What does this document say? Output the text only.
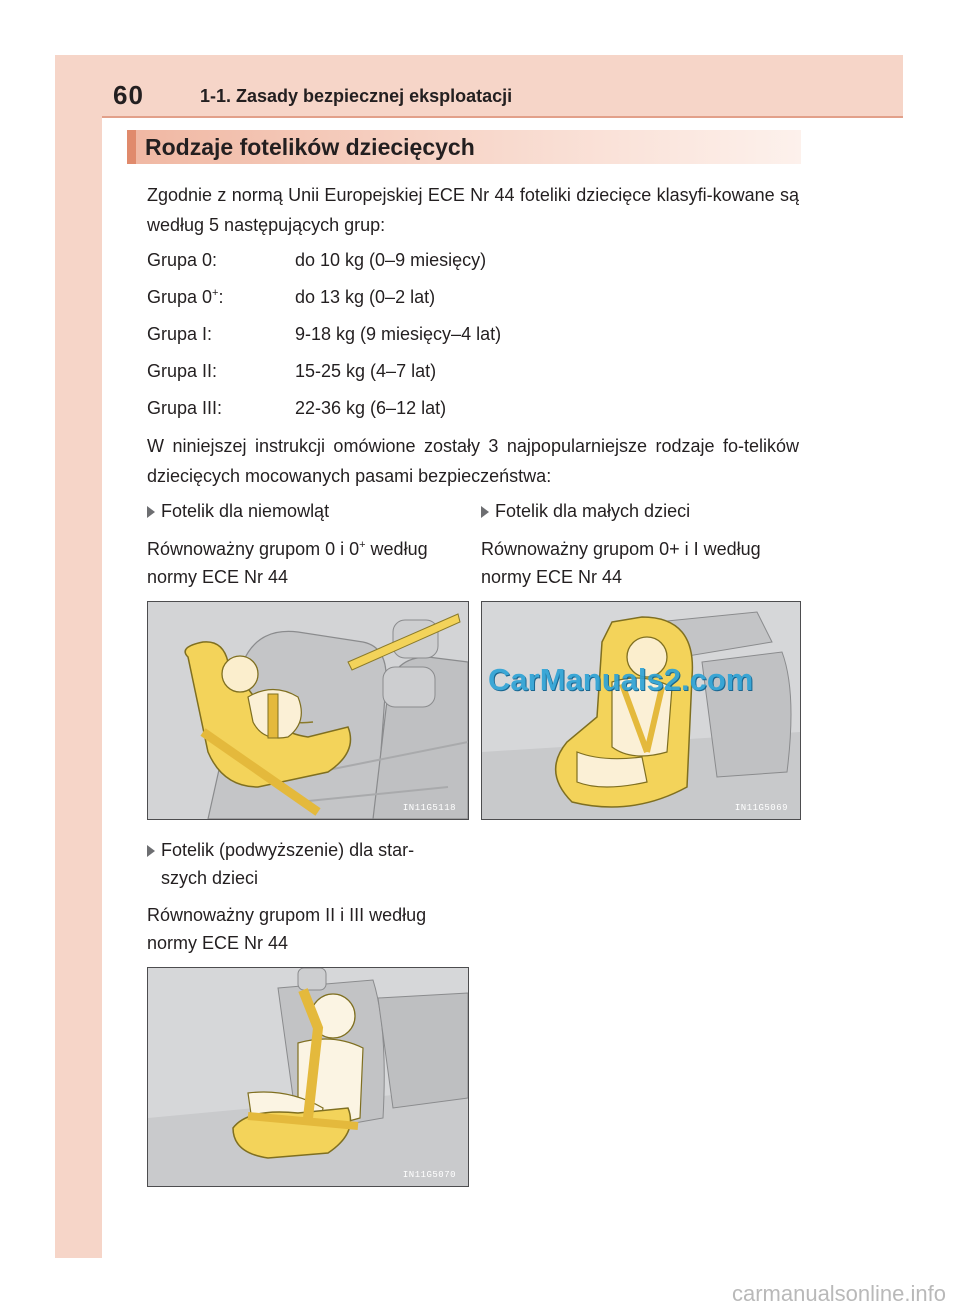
60	1-1. Zasady bezpiecznej eksploatacji
Rodzaje fotelików dziecięcych
Zgodnie z normą Unii Europejskiej ECE Nr 44 foteliki dziecięce klasyfi-kowane są według 5 następujących grup:
Grupa 0:	do 10 kg (0–9 miesięcy)
Grupa 0+:	do 13 kg (0–2 lat)
Grupa I:	9-18 kg (9 miesięcy–4 lat)
Grupa II:	15-25 kg (4–7 lat)
Grupa III:	22-36 kg (6–12 lat)
W niniejszej instrukcji omówione zostały 3 najpopularniejsze rodzaje fo-telików dziecięcych mocowanych pasami bezpieczeństwa:
Fotelik dla niemowląt
Równoważny grupom 0 i 0+ według
normy ECE Nr 44
Fotelik dla małych dzieci
Równoważny grupom 0+ i I według
normy ECE Nr 44
IN11G5118	IN11G5069
Fotelik (podwyższenie) dla star-
szych dzieci
Równoważny grupom II i III według
normy ECE Nr 44
IN11G5070
CarManuals2.com
carmanualsonline.info
